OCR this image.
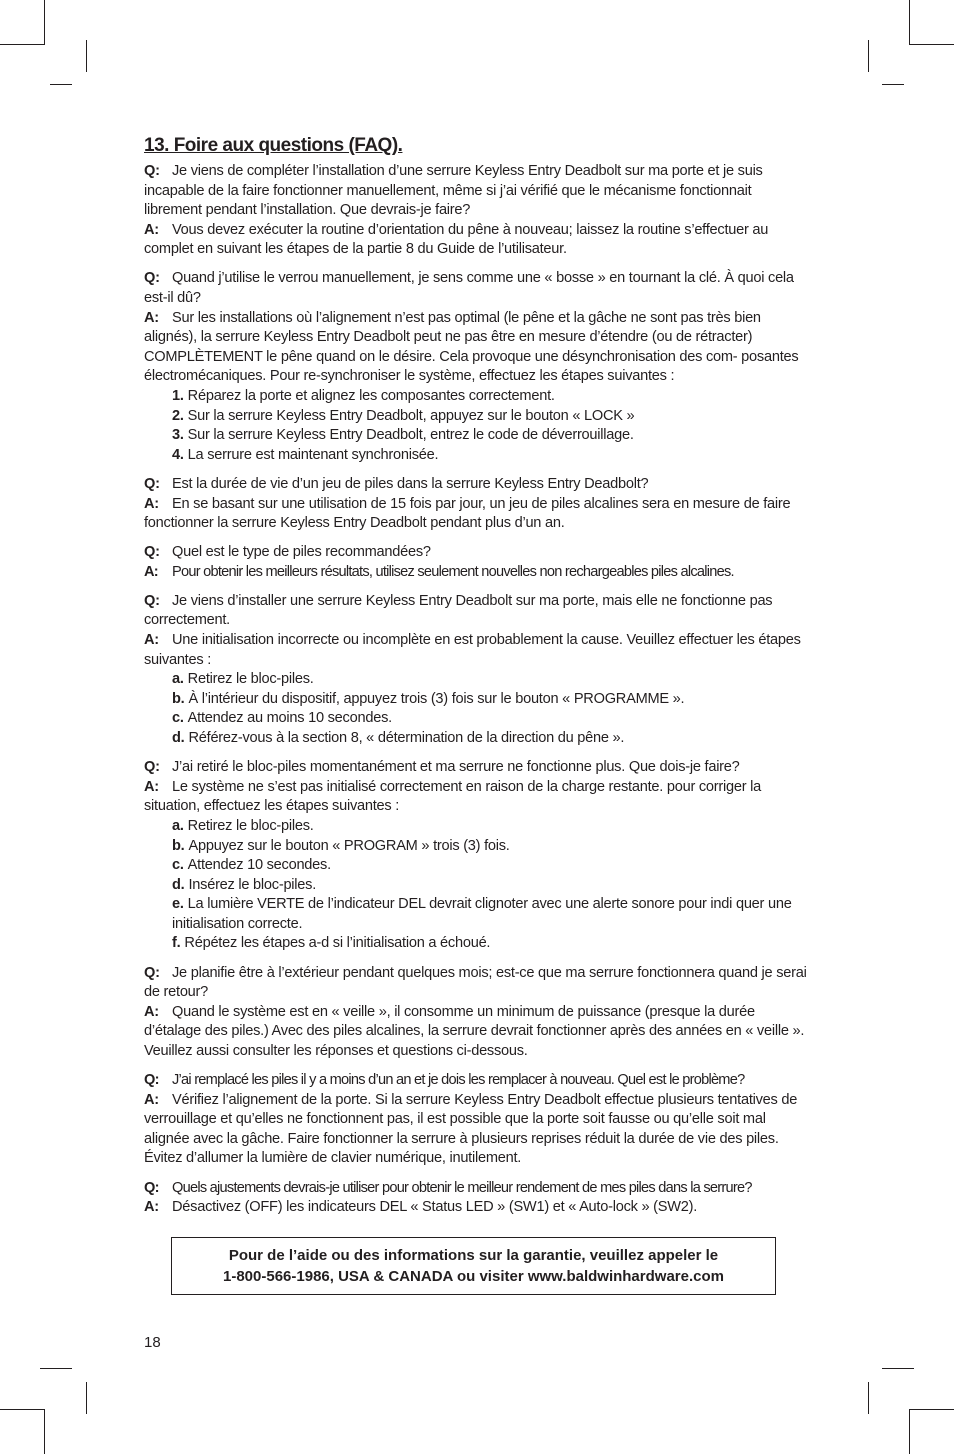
13. Foire aux questions (FAQ).

Q: Je viens de compléter l’installation d’une serrure Keyless Entry Deadbolt sur ma porte et je suis incapable de la faire fonctionner manuellement, même si j’ai vérifié que le mécanisme fonctionnait librement pendant l’installation. Que devrais-je faire?

A: Vous devez exécuter la routine d’orientation du pêne à nouveau; laissez la routine s’effectuer au complet en suivant les étapes de la partie 8 du Guide de l’utilisateur.

Q: Quand j’utilise le verrou manuellement, je sens comme une « bosse » en tournant la clé. À quoi cela est-il dû?

A: Sur les installations où l’alignement n’est pas optimal (le pêne et la gâche ne sont pas très bien alignés), la serrure Keyless Entry Deadbolt peut ne pas être en mesure d’étendre (ou de rétracter) COMPLÈTEMENT le pêne quand on le désire. Cela provoque une désynchronisation des com- posantes électromécaniques. Pour re-synchroniser le système, effectuez les étapes suivantes :

1. Réparez la porte et alignez les composantes correctement.
2. Sur la serrure Keyless Entry Deadbolt, appuyez sur le bouton « LOCK »
3. Sur la serrure Keyless Entry Deadbolt, entrez le code de déverrouillage.
4. La serrure est maintenant synchronisée.

Q: Est la durée de vie d’un jeu de piles dans la serrure Keyless Entry Deadbolt?

A: En se basant sur une utilisation de 15 fois par jour, un jeu de piles alcalines sera en mesure de faire fonctionner la serrure Keyless Entry Deadbolt pendant plus d’un an.

Q: Quel est le type de piles recommandées?

A: Pour obtenir les meilleurs résultats, utilisez seulement nouvelles non rechargeables piles alcalines.

Q: Je viens d’installer une serrure Keyless Entry Deadbolt sur ma porte, mais elle ne fonctionne pas correctement.

A: Une initialisation incorrecte ou incomplète en est probablement la cause. Veuillez effectuer les étapes suivantes :

a. Retirez le bloc-piles.
b. À l’intérieur du dispositif, appuyez trois (3) fois sur le bouton « PROGRAMME ».
c. Attendez au moins 10 secondes.
d. Référez-vous à la section 8, « détermination de la direction du pêne ».

Q: J’ai retiré le bloc-piles momentanément et ma serrure ne fonctionne plus. Que dois-je faire?

A: Le système ne s’est pas initialisé correctement en raison de la charge restante. pour corriger la situation, effectuez les étapes suivantes :

a. Retirez le bloc-piles.
b. Appuyez sur le bouton « PROGRAM » trois (3) fois.
c. Attendez 10 secondes.
d. Insérez le bloc-piles.
e. La lumière VERTE de l’indicateur DEL devrait clignoter avec une alerte sonore pour indi quer une initialisation correcte.
f. Répétez les étapes a-d si l’initialisation a échoué.

Q: Je planifie être à l’extérieur pendant quelques mois; est-ce que ma serrure fonctionnera quand je serai de retour?

A: Quand le système est en « veille », il consomme un minimum de puissance (presque la durée d’étalage des piles.) Avec des piles alcalines, la serrure devrait fonctionner après des années en « veille ». Veuillez aussi consulter les réponses et questions ci-dessous.

Q: J’ai remplacé les piles il y a moins d’un an et je dois les remplacer à nouveau. Quel est le problème?

A: Vérifiez l’alignement de la porte. Si la serrure Keyless Entry Deadbolt effectue plusieurs tentatives de verrouillage et qu’elles ne fonctionnent pas, il est possible que la porte soit fausse ou qu’elle soit mal alignée avec la gâche. Faire fonctionner la serrure à plusieurs reprises réduit la durée de vie des piles. Évitez d’allumer la lumière de clavier numérique, inutilement.

Q: Quels ajustements devrais-je utiliser pour obtenir le meilleur rendement de mes piles dans la serrure?

A: Désactivez (OFF) les indicateurs DEL « Status LED » (SW1) et « Auto-lock » (SW2).

Pour de l’aide ou des informations sur la garantie, veuillez appeler le
1-800-566-1986, USA & CANADA ou visiter www.baldwinhardware.com
18
